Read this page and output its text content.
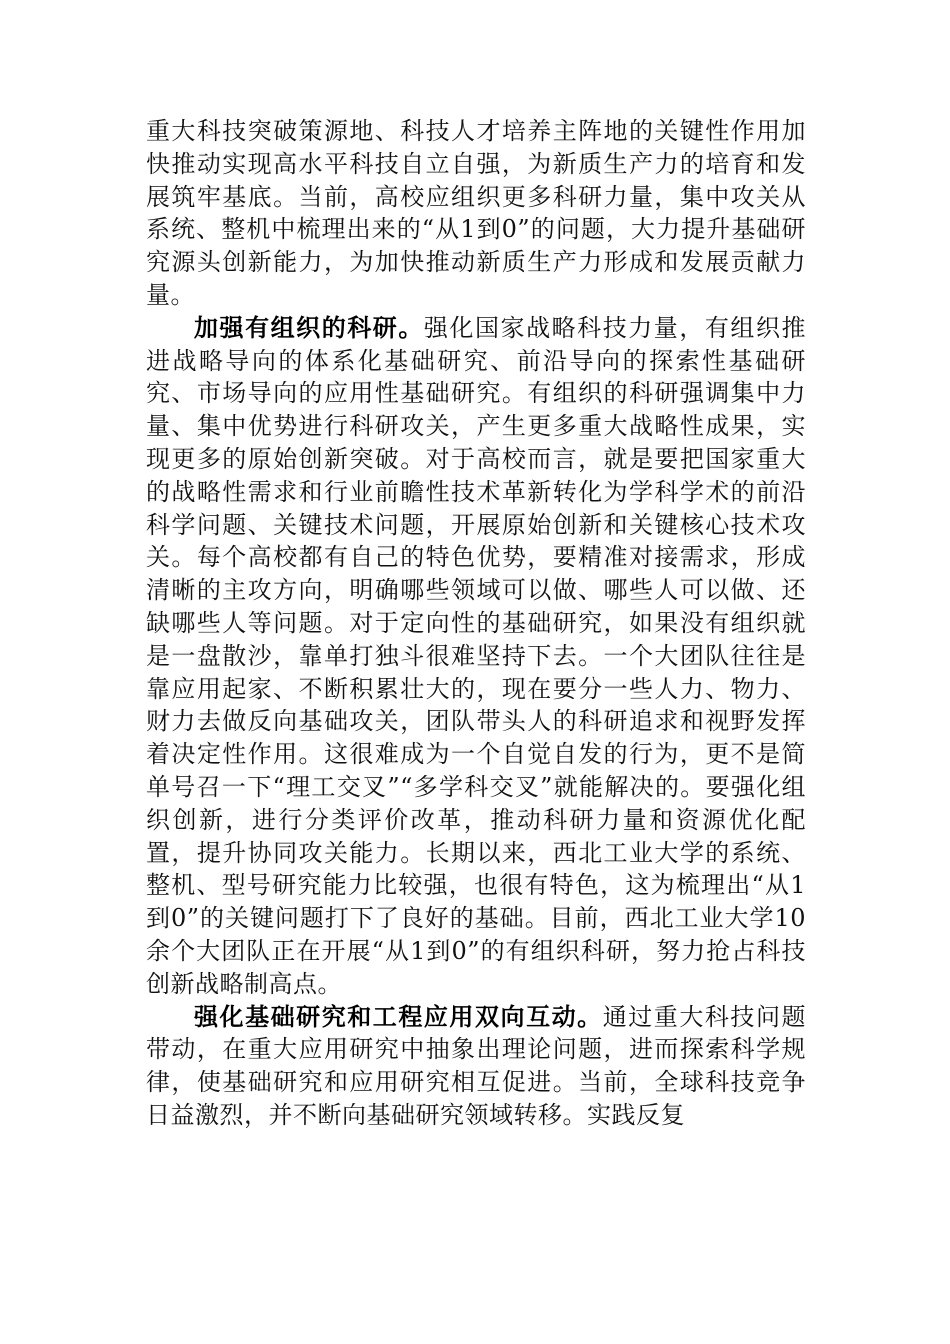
重大科技突破策源地、科技人才培养主阵地的关键性作用加快推动实现高水平科技自立自强，为新质生产力的培育和发展筑牢基底。当前，高校应组织更多科研力量，集中攻关从系统、整机中梳理出来的“从1到0”的问题，大力提升基础研究源头创新能力，为加快推动新质生产力形成和发展贡献力量。

加强有组织的科研。强化国家战略科技力量，有组织推进战略导向的体系化基础研究、前沿导向的探索性基础研究、市场导向的应用性基础研究。有组织的科研强调集中力量、集中优势进行科研攻关，产生更多重大战略性成果，实现更多的原始创新突破。对于高校而言，就是要把国家重大的战略性需求和行业前瞻性技术革新转化为学科学术的前沿科学问题、关键技术问题，开展原始创新和关键核心技术攻关。每个高校都有自己的特色优势，要精准对接需求，形成清晰的主攻方向，明确哪些领域可以做、哪些人可以做、还缺哪些人等问题。对于定向性的基础研究，如果没有组织就是一盘散沙，靠单打独斗很难坚持下去。一个大团队往往是靠应用起家、不断积累壮大的，现在要分一些人力、物力、财力去做反向基础攻关，团队带头人的科研追求和视野发挥着决定性作用。这很难成为一个自觉自发的行为，更不是简单号召一下“理工交叉”“多学科交叉”就能解决的。要强化组织创新，进行分类评价改革，推动科研力量和资源优化配置，提升协同攻关能力。长期以来，西北工业大学的系统、整机、型号研究能力比较强，也很有特色，这为梳理出“从1到0”的关键问题打下了良好的基础。目前，西北工业大学10余个大团队正在开展“从1到0”的有组织科研，努力抢占科技创新战略制高点。

强化基础研究和工程应用双向互动。通过重大科技问题带动，在重大应用研究中抽象出理论问题，进而探索科学规律，使基础研究和应用研究相互促进。当前，全球科技竞争日益激烈，并不断向基础研究领域转移。实践反复
